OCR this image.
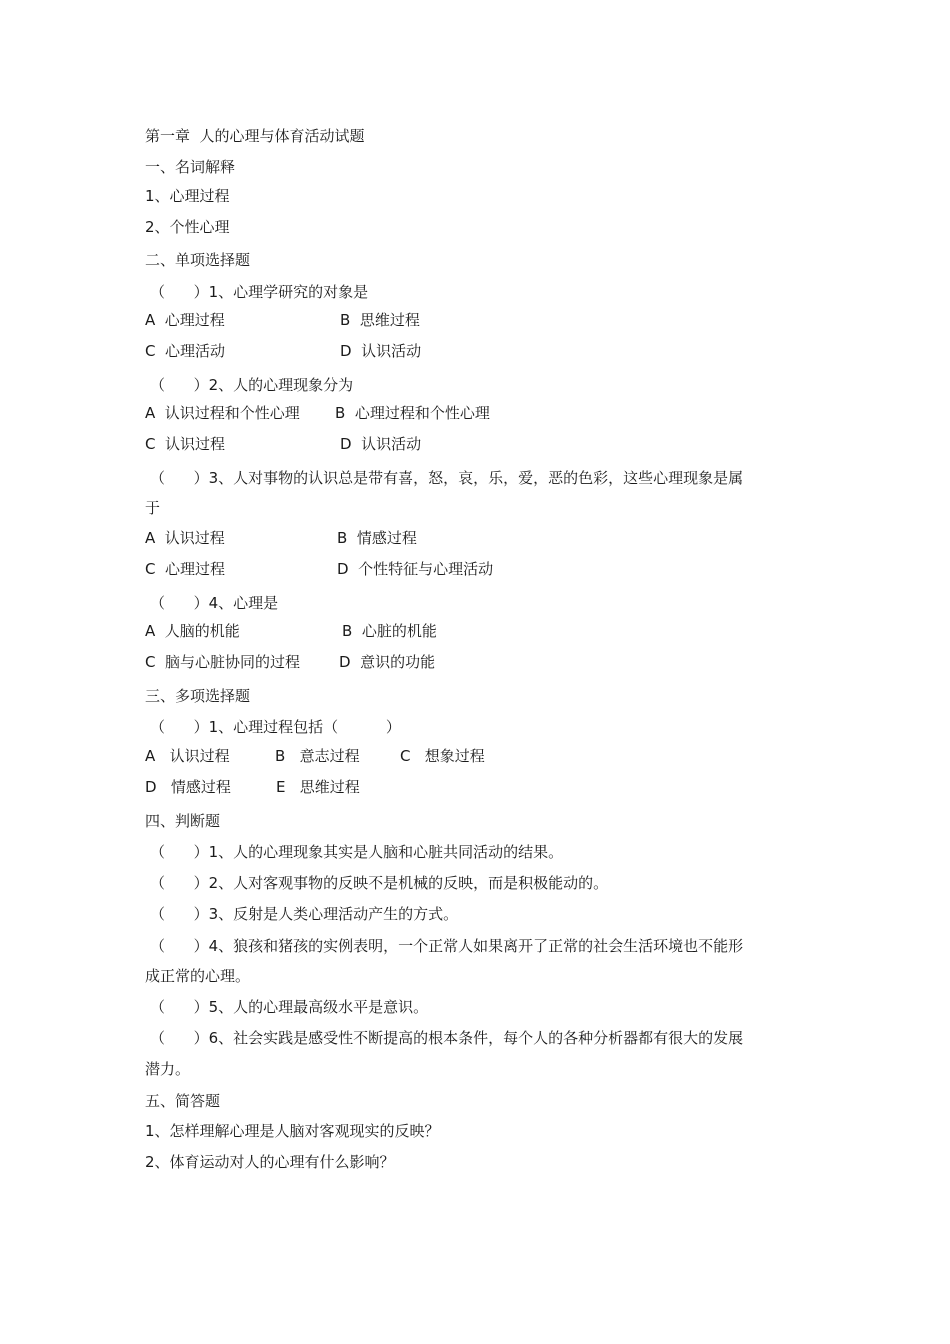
第一章  人的心理与体育活动试题
一、名词解释
1、心理过程
2、个性心理
二、单项选择题
（      ）1、心理学研究的对象是
A  心理过程	B  思维过程
C  心理活动	D  认识活动
（      ）2、人的心理现象分为
A  认识过程和个性心理 B  心理过程和个性心理
C  认识过程	D  认识活动
（      ）3、人对事物的认识总是带有喜，怒，哀，乐，爱，恶的色彩，这些心理现象是属
于
A  认识过程	B  情感过程
C  心理过程	D  个性特征与心理活动
（      ）4、心理是
A  人脑的机能	B  心脏的机能
C  脑与心脏协同的过程	D  意识的功能
三、多项选择题
（      ）1、心理过程包括（          ）
A   认识过程	B   意志过程	C   想象过程
D   情感过程	E   思维过程
四、判断题
（      ）1、人的心理现象其实是人脑和心脏共同活动的结果。
（      ）2、人对客观事物的反映不是机械的反映，而是积极能动的。
（      ）3、反射是人类心理活动产生的方式。
（      ）4、狼孩和猪孩的实例表明，一个正常人如果离开了正常的社会生活环境也不能形
成正常的心理。
（      ）5、人的心理最高级水平是意识。
（      ）6、社会实践是感受性不断提高的根本条件，每个人的各种分析器都有很大的发展
潜力。
五、简答题
1、怎样理解心理是人脑对客观现实的反映？
2、体育运动对人的心理有什么影响？
